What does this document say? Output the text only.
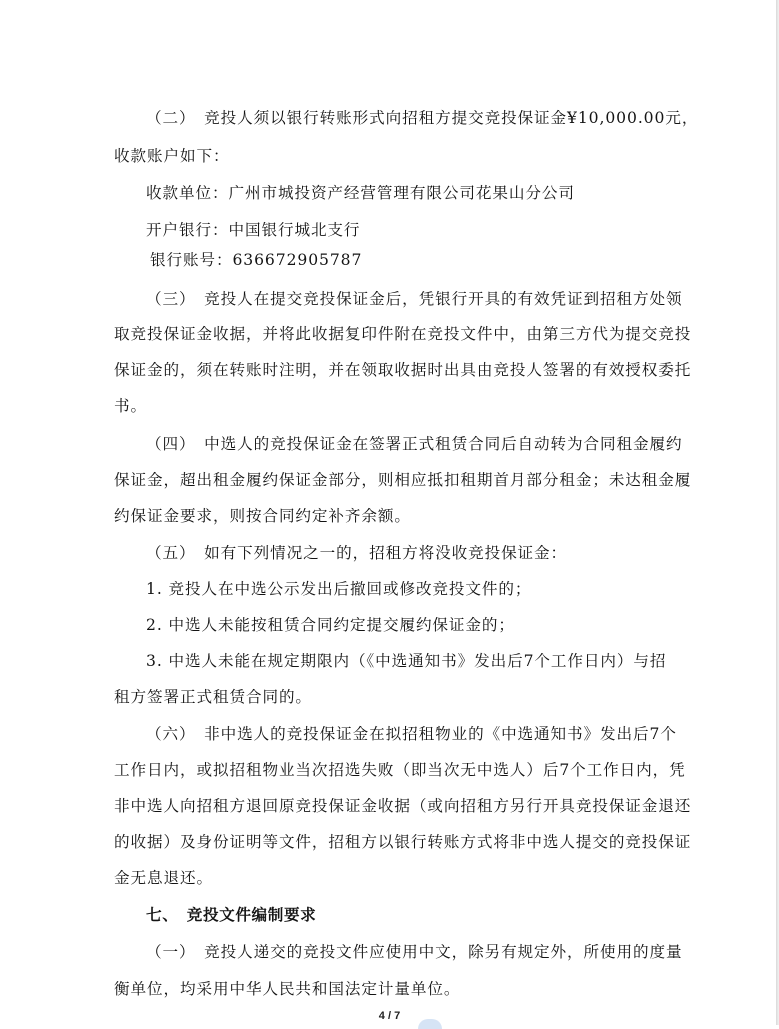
（二）　竞投人须以银行转账形式向招租方提交竞投保证金¥10,000.00元，
收款账户如下：
收款单位：广州市城投资产经营管理有限公司花果山分公司
开户银行：中国银行城北支行
银行账号：636672905787
（三）　竞投人在提交竞投保证金后，凭银行开具的有效凭证到招租方处领
取竞投保证金收据，并将此收据复印件附在竞投文件中，由第三方代为提交竞投
保证金的，须在转账时注明，并在领取收据时出具由竞投人签署的有效授权委托
书。
（四）　中选人的竞投保证金在签署正式租赁合同后自动转为合同租金履约
保证金，超出租金履约保证金部分，则相应抵扣租期首月部分租金；未达租金履
约保证金要求，则按合同约定补齐余额。
（五）　如有下列情况之一的，招租方将没收竞投保证金：
1. 竞投人在中选公示发出后撤回或修改竞投文件的；
2. 中选人未能按租赁合同约定提交履约保证金的；
3. 中选人未能在规定期限内（《中选通知书》发出后7个工作日内）与招
租方签署正式租赁合同的。
（六）　非中选人的竞投保证金在拟招租物业的《中选通知书》发出后7个
工作日内，或拟招租物业当次招选失败（即当次无中选人）后7个工作日内，凭
非中选人向招租方退回原竞投保证金收据（或向招租方另行开具竞投保证金退还
的收据）及身份证明等文件，招租方以银行转账方式将非中选人提交的竞投保证
金无息退还。
七、　竞投文件编制要求
（一）　竞投人递交的竞投文件应使用中文，除另有规定外，所使用的度量
衡单位，均采用中华人民共和国法定计量单位。
4 / 7
